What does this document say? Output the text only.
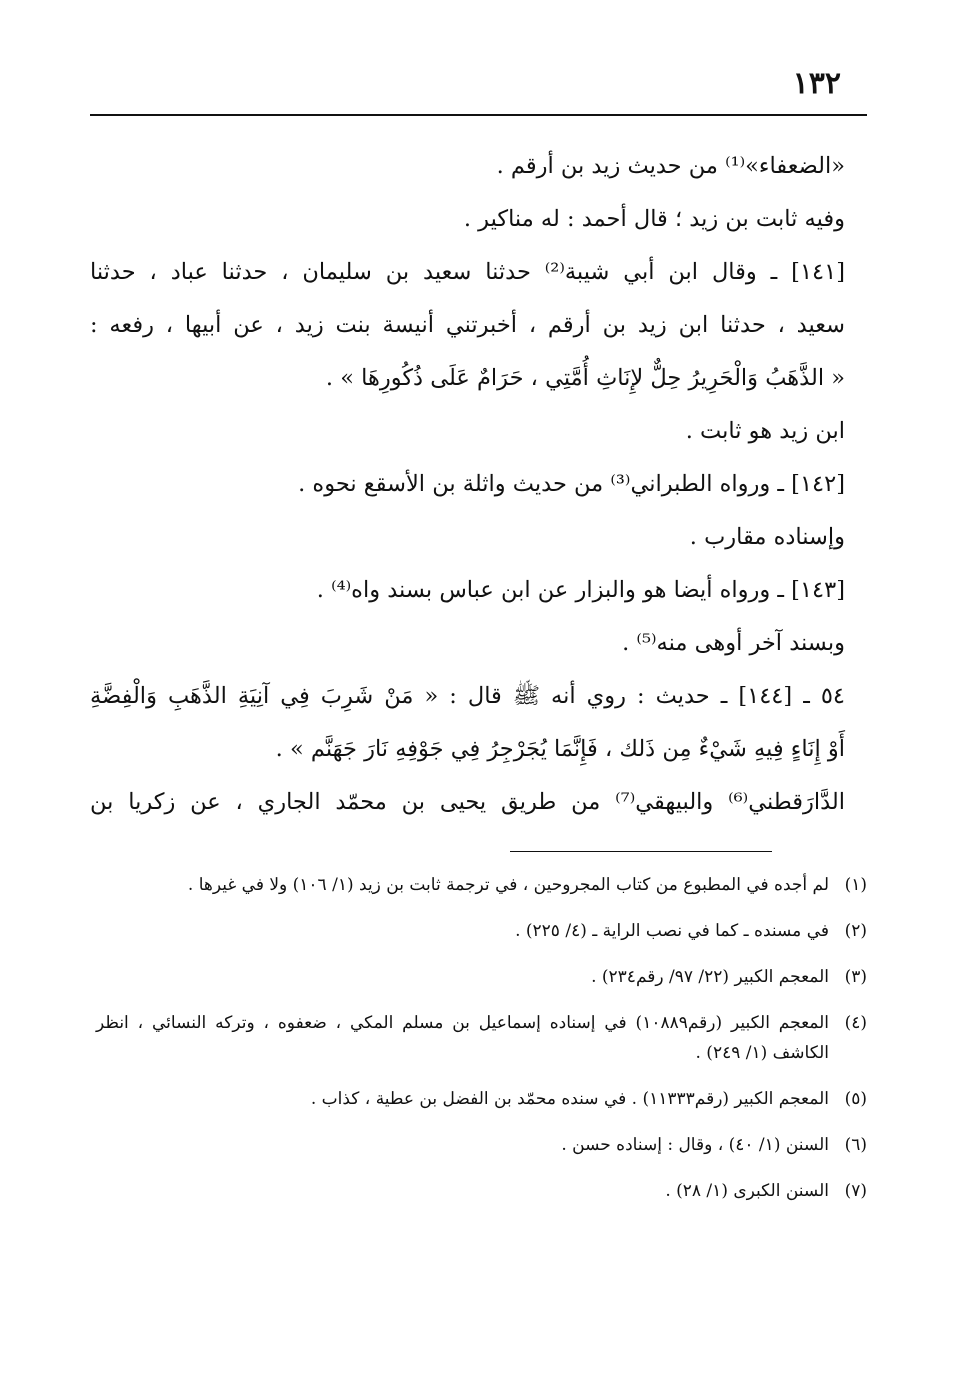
١٣٢
«الضعفاء»⁽¹⁾ من حديث زيد بن أرقم .
وفيه ثابت بن زيد ؛ قال أحمد : له مناكير .
[١٤١] ـ وقال ابن أبي شيبة⁽²⁾ حدثنا سعيد بن سليمان ، حدثنا عباد ، حدثنا
سعيد ، حدثنا ابن زيد بن أرقم ، أخبرتني أنيسة بنت زيد ، عن أبيها ، رفعه :
« الذَّهَبُ وَالْحَرِيرُ حِلٌّ لإِنَاثِ أُمَّتِي ، حَرَامٌ عَلَى ذُكُورِهَا » .
ابن زيد هو ثابت .
[١٤٢] ـ ورواه الطبراني⁽³⁾ من حديث واثلة بن الأسقع نحوه .
وإسناده مقارب .
[١٤٣] ـ ورواه أيضا هو والبزار عن ابن عباس بسند واه⁽⁴⁾ .
وبسند آخر أوهى منه⁽⁵⁾ .
٥٤ ـ [١٤٤] ـ حديث : روي أنه ﷺ قال : « مَنْ شَرِبَ فِي آنِيَةِ الذَّهَبِ وَالْفِضَّةِ
أَوْ إِنَاءٍ فِيهِ شَيْءٌ مِن ذَلك ، فَإِنَّمَا يُجَرْجِرُ فِي جَوْفِهِ نَارَ جَهَنَّم » .
الدَّارَقطني⁽⁶⁾ والبيهقي⁽⁷⁾ من طريق يحيى بن محمّد الجاري ، عن زكريا بن
(١)
لم أجده في المطبوع من كتاب المجروحين ، في ترجمة ثابت بن زيد (١/ ١٠٦) ولا في غيرها .
(٢)
في مسنده ـ كما في نصب الراية ـ (٤/ ٢٢٥) .
(٣)
المعجم الكبير (٢٢/ ٩٧/ رقم٢٣٤) .
(٤)
المعجم الكبير (رقم١٠٨٨٩) في إسناده إسماعيل بن مسلم المكي ، ضعفوه ، وتركه النسائي ، انظر الكاشف (١/ ٢٤٩) .
(٥)
المعجم الكبير (رقم١١٣٣٣) . في سنده محمّد بن الفضل بن عطية ، كذاب .
(٦)
السنن (١/ ٤٠) ، وقال : إسناده حسن .
(٧)
السنن الكبرى (١/ ٢٨) .
